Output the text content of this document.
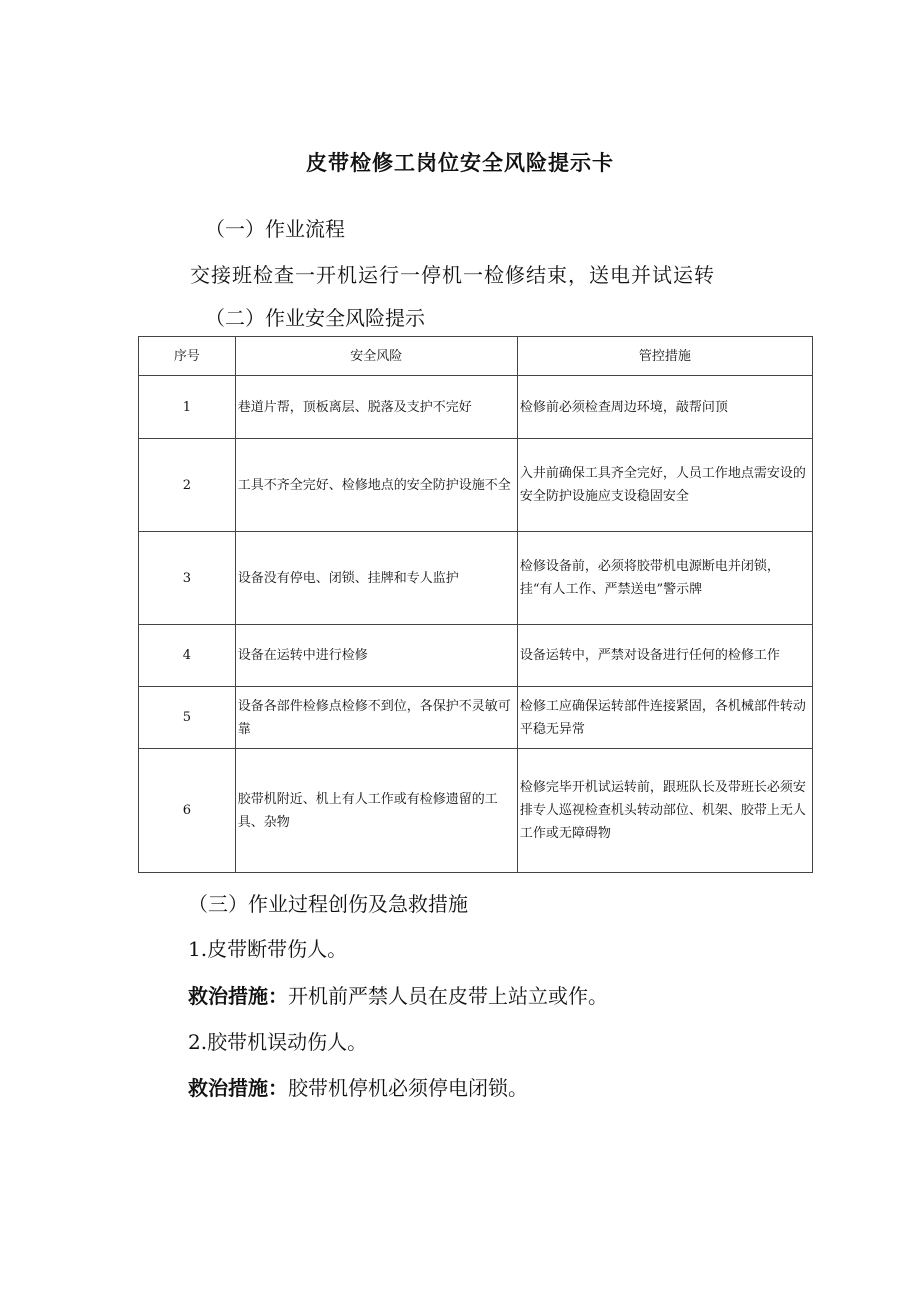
皮带检修工岗位安全风险提示卡
（一）作业流程
交接班检查一开机运行一停机一检修结束，送电并试运转
（二）作业安全风险提示
序号	安全风险	管控措施
1	巷道片帮，顶板离层、脱落及支护不完好	检修前必须检查周边环境，敲帮问顶
2	工具不齐全完好、检修地点的安全防护设施不全	入井前确保工具齐全完好，人员工作地点需安设的安全防护设施应支设稳固安全
3	设备没有停电、闭锁、挂牌和专人监护	检修设备前，必须将胶带机电源断电并闭锁，挂“有人工作、严禁送电”警示牌
4	设备在运转中进行检修	设备运转中，严禁对设备进行任何的检修工作
5	设备各部件检修点检修不到位，各保护不灵敏可靠	检修工应确保运转部件连接紧固，各机械部件转动平稳无异常
6	胶带机附近、机上有人工作或有检修遗留的工具、杂物	检修完毕开机试运转前，跟班队长及带班长必须安排专人巡视检查机头转动部位、机架、胶带上无人工作或无障碍物
（三）作业过程创伤及急救措施
1.皮带断带伤人。
救治措施：开机前严禁人员在皮带上站立或作。
2.胶带机误动伤人。
救治措施：胶带机停机必须停电闭锁。
